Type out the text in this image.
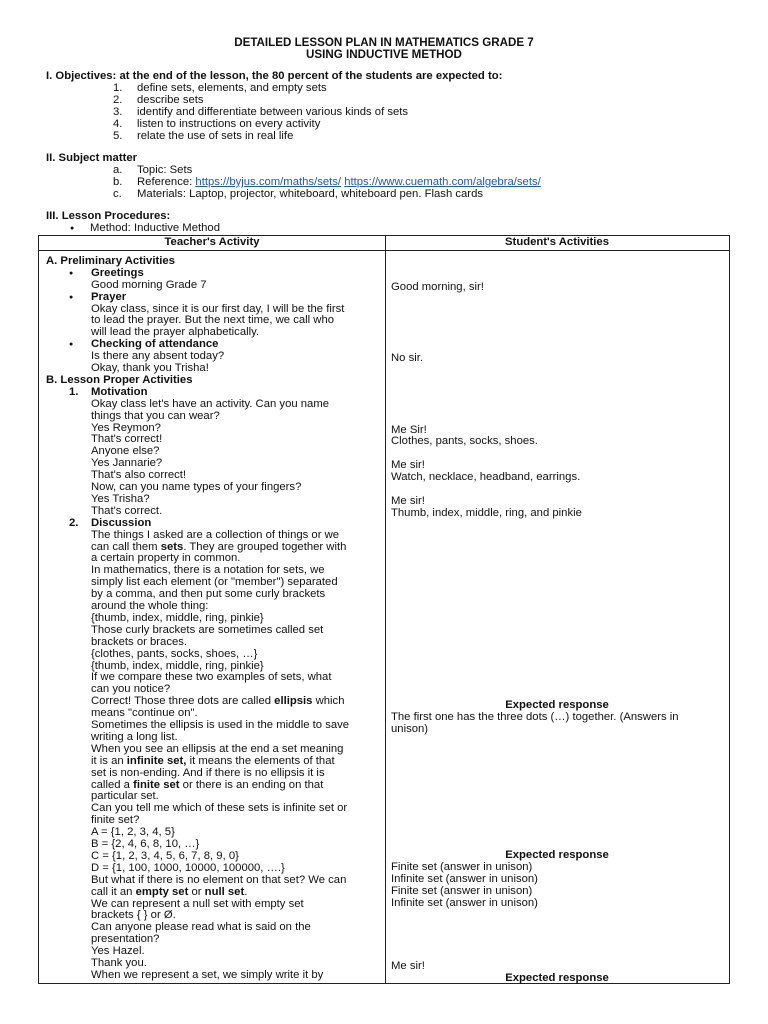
DETAILED LESSON PLAN IN MATHEMATICS GRADE 7
USING INDUCTIVE METHOD
I. Objectives: at the end of the lesson, the 80 percent of the students are expected to:
1. define sets, elements, and empty sets
2. describe sets
3. identify and differentiate between various kinds of sets
4. listen to instructions on every activity
5. relate the use of sets in real life
II. Subject matter
a. Topic: Sets
b. Reference: https://byjus.com/maths/sets/ https://www.cuemath.com/algebra/sets/
c. Materials: Laptop, projector, whiteboard, whiteboard pen. Flash cards
III. Lesson Procedures:
● Method: Inductive Method
Teacher's Activity	Student's Activities
A. Preliminary Activities
Greetings
●
Good morning Grade 7
Prayer
●
Okay class, since it is our first day, I will be the first
to lead the prayer. But the next time, we call who
will lead the prayer alphabetically.
Checking of attendance
●
Is there any absent today?
Okay, thank you Trisha!
B. Lesson Proper Activities
Motivation
1.
Okay class let's have an activity. Can you name
things that you can wear?
Yes Reymon?
That's correct!
Anyone else?
Yes Jannarie?
That's also correct!
Now, can you name types of your fingers?
Yes Trisha?
That's correct.
Discussion
2.
The things I asked are a collection of things or we
can call them sets. They are grouped together with
a certain property in common.
In mathematics, there is a notation for sets, we
simply list each element (or "member") separated
by a comma, and then put some curly brackets
around the whole thing:
{thumb, index, middle, ring, pinkie}
Those curly brackets are sometimes called set
brackets or braces.
{clothes, pants, socks, shoes, …}
{thumb, index, middle, ring, pinkie}
If we compare these two examples of sets, what
can you notice?
Correct! Those three dots are called ellipsis which
means "continue on".
Sometimes the ellipsis is used in the middle to save
writing a long list.
When you see an ellipsis at the end a set meaning
it is an infinite set, it means the elements of that
set is non-ending. And if there is no ellipsis it is
called a finite set or there is an ending on that
particular set.
Can you tell me which of these sets is infinite set or
finite set?
A = {1, 2, 3, 4, 5}
B = {2, 4, 6, 8, 10, …}
C = {1, 2, 3, 4, 5, 6, 7, 8, 9, 0}
D = {1, 100, 1000, 10000, 100000, ….}
But what if there is no element on that set? We can
call it an empty set or null set.
We can represent a null set with empty set
brackets { } or Ø.
Can anyone please read what is said on the
presentation?
Yes Hazel.
Thank you.
When we represent a set, we simply write it by
Good morning, sir!
No sir.
Me Sir!
Clothes, pants, socks, shoes.
Me sir!
Watch, necklace, headband, earrings.
Me sir!
Thumb, index, middle, ring, and pinkie
Expected response
The first one has the three dots (…) together. (Answers in
unison)
Expected response
Finite set (answer in unison)
Infinite set (answer in unison)
Finite set (answer in unison)
Infinite set (answer in unison)
Me sir!
Expected response
